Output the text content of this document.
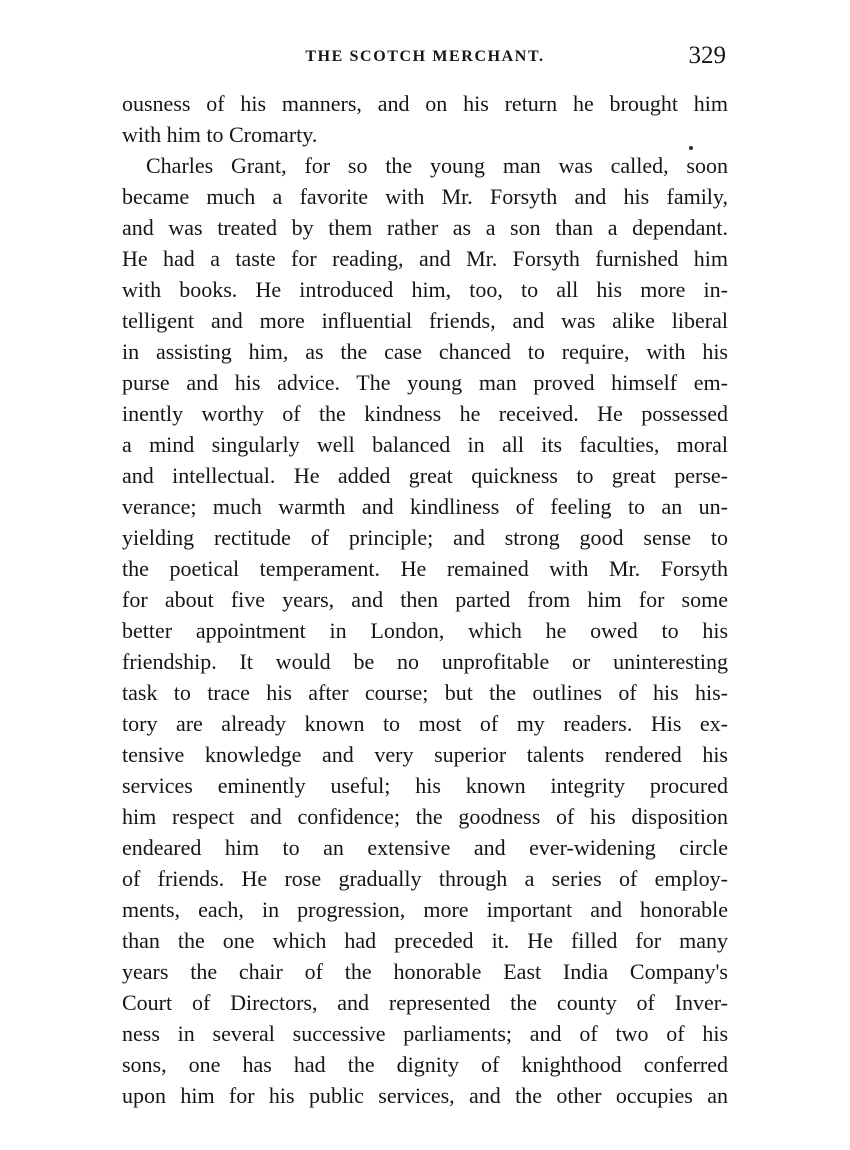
THE SCOTCH MERCHANT.	329
ousness of his manners, and on his return he brought him
with him to Cromarty.
Charles Grant, for so the young man was called, soon
became much a favorite with Mr. Forsyth and his family,
and was treated by them rather as a son than a dependant.
He had a taste for reading, and Mr. Forsyth furnished him
with books. He introduced him, too, to all his more in-
telligent and more influential friends, and was alike liberal
in assisting him, as the case chanced to require, with his
purse and his advice. The young man proved himself em-
inently worthy of the kindness he received. He possessed
a mind singularly well balanced in all its faculties, moral
and intellectual. He added great quickness to great perse-
verance; much warmth and kindliness of feeling to an un-
yielding rectitude of principle; and strong good sense to
the poetical temperament. He remained with Mr. Forsyth
for about five years, and then parted from him for some
better appointment in London, which he owed to his
friendship. It would be no unprofitable or uninteresting
task to trace his after course; but the outlines of his his-
tory are already known to most of my readers. His ex-
tensive knowledge and very superior talents rendered his
services eminently useful; his known integrity procured
him respect and confidence; the goodness of his disposition
endeared him to an extensive and ever-widening circle
of friends. He rose gradually through a series of employ-
ments, each, in progression, more important and honorable
than the one which had preceded it. He filled for many
years the chair of the honorable East India Company's
Court of Directors, and represented the county of Inver-
ness in several successive parliaments; and of two of his
sons, one has had the dignity of knighthood conferred
upon him for his public services, and the other occupies an
